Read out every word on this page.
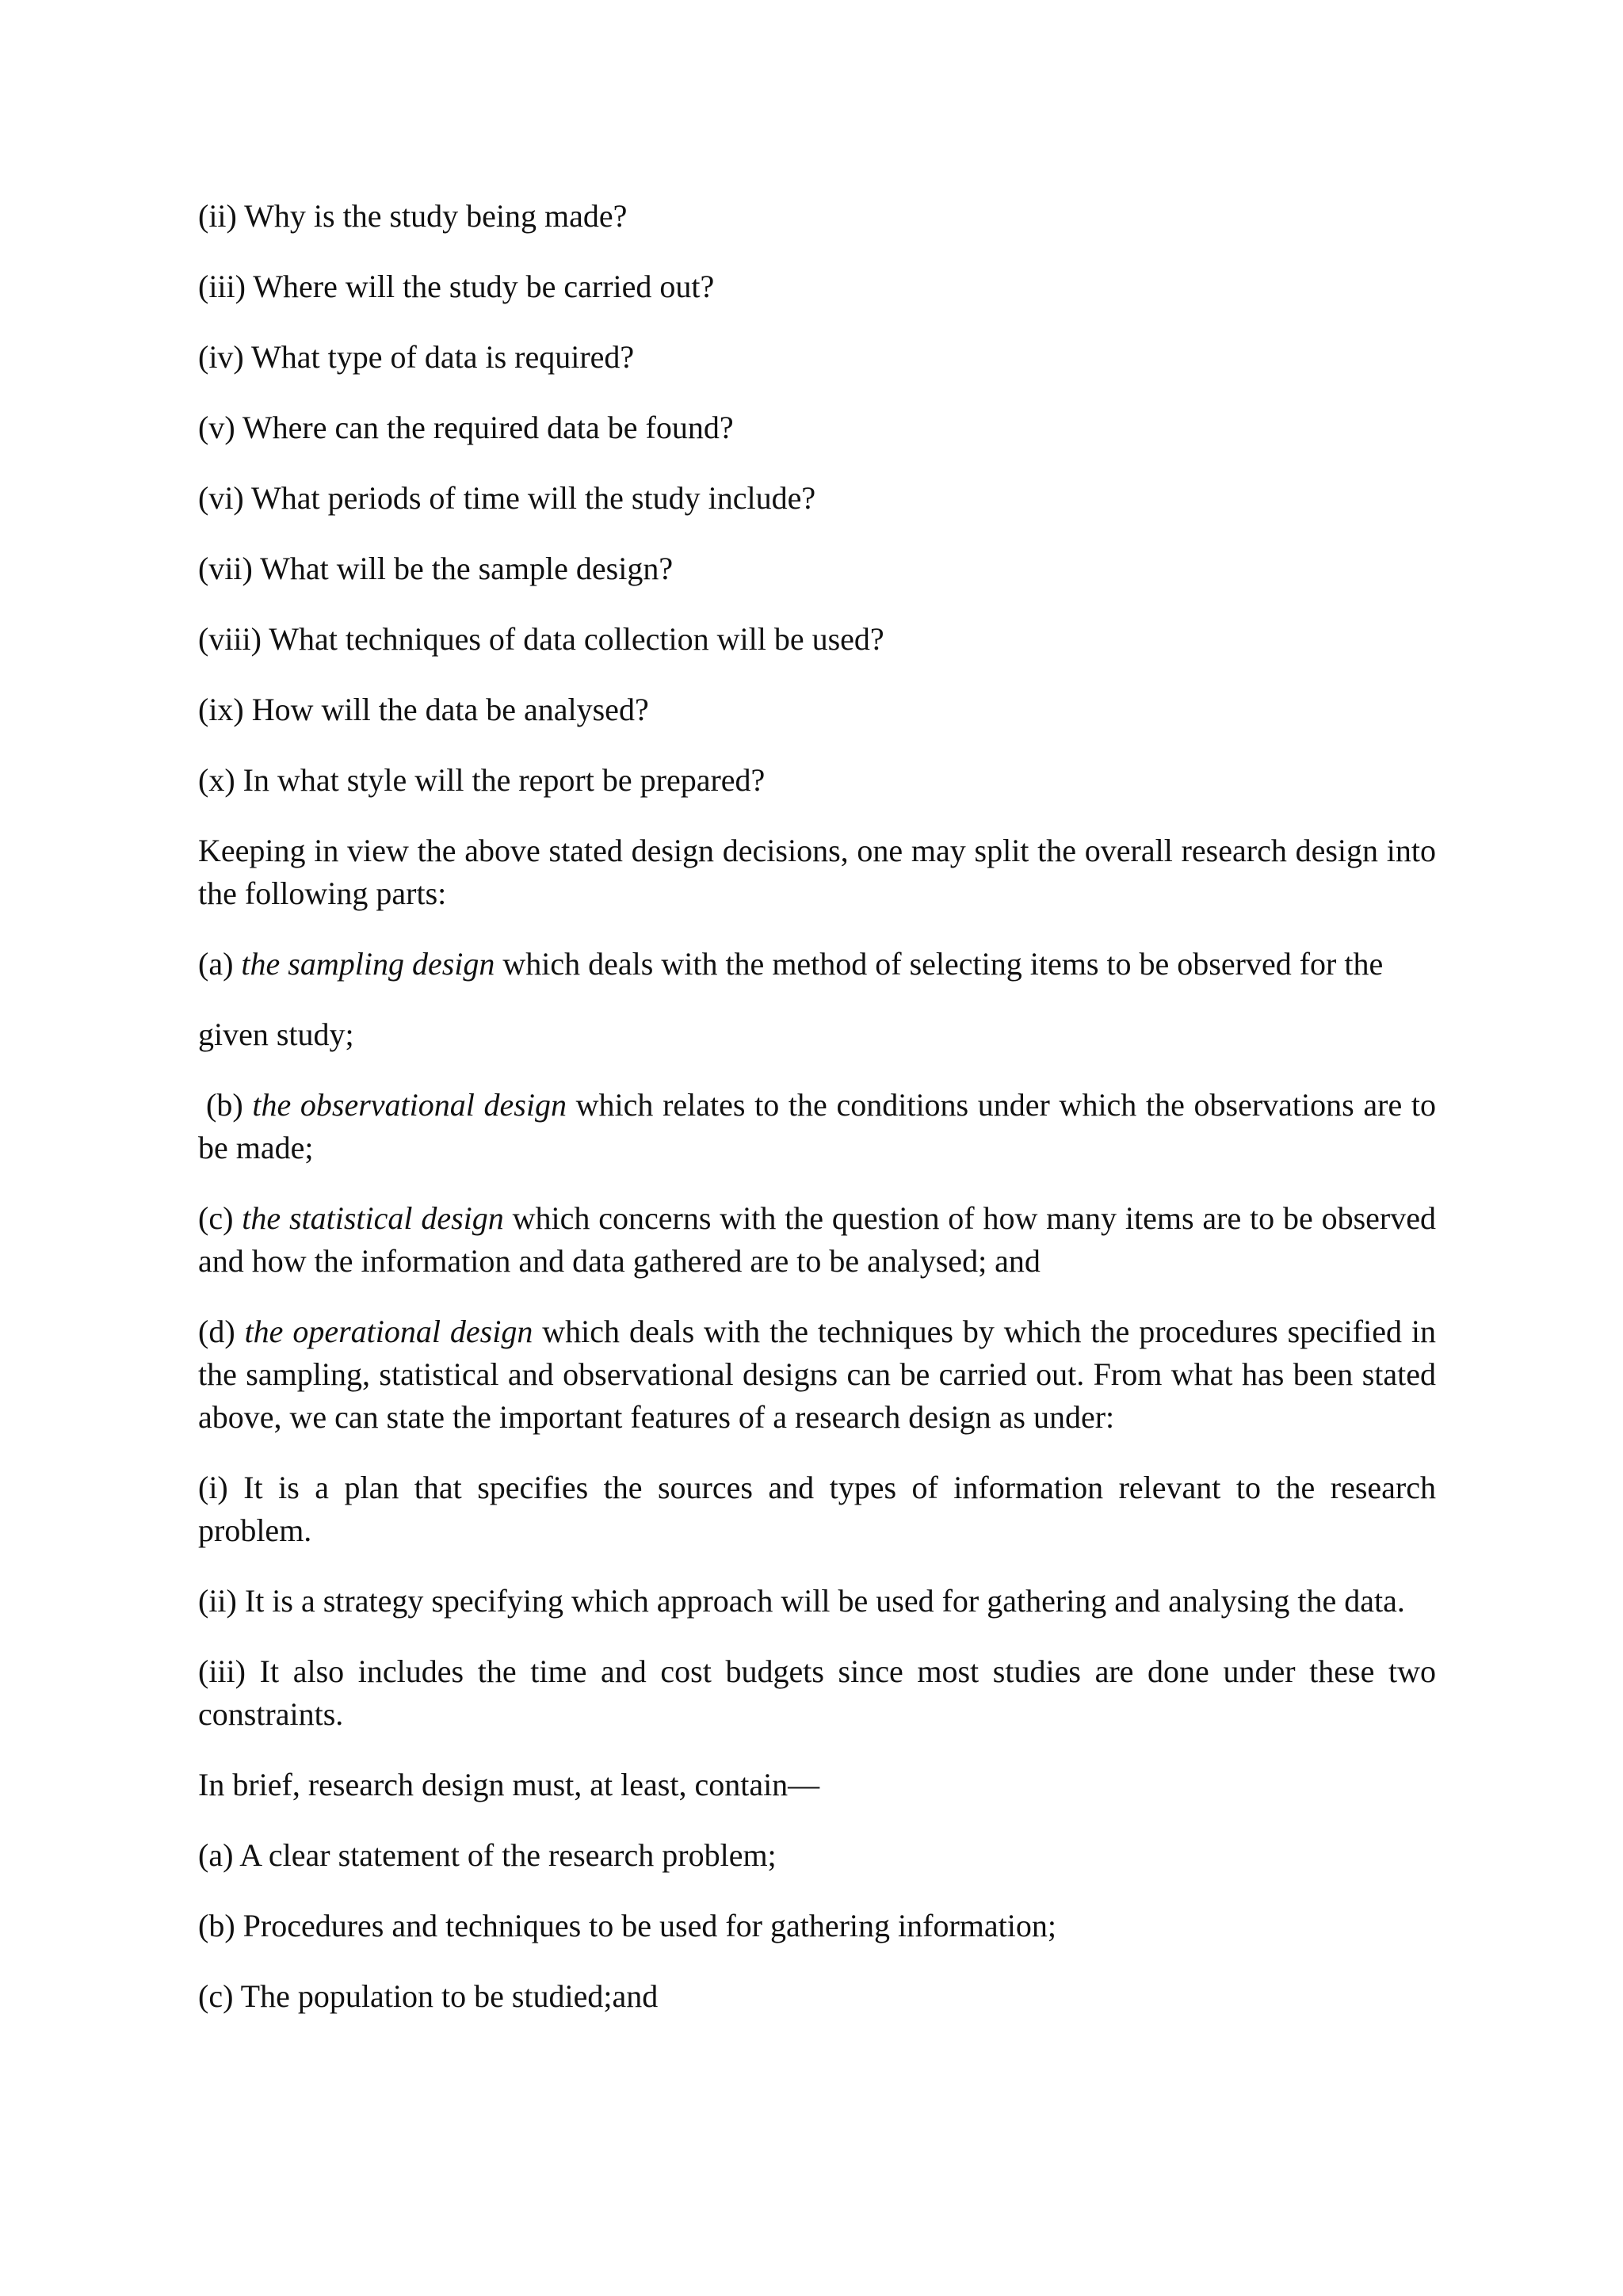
(ii) Why is the study being made?

(iii) Where will the study be carried out?

(iv) What type of data is required?

(v) Where can the required data be found?

(vi) What periods of time will the study include?

(vii) What will be the sample design?

(viii) What techniques of data collection will be used?

(ix) How will the data be analysed?

(x) In what style will the report be prepared?

Keeping in view the above stated design decisions, one may split the overall research design into the following parts:

(a) the sampling design which deals with the method of selecting items to be observed for the

given study;

(b) the observational design which relates to the conditions under which the observations are to be made;

(c) the statistical design which concerns with the question of how many items are to be observed and how the information and data gathered are to be analysed; and

(d) the operational design which deals with the techniques by which the procedures specified in the sampling, statistical and observational designs can be carried out. From what has been stated above, we can state the important features of a research design as under:

(i) It is a plan that specifies the sources and types of information relevant to the research problem.

(ii) It is a strategy specifying which approach will be used for gathering and analysing the data.

(iii) It also includes the time and cost budgets since most studies are done under these two constraints.

In brief, research design must, at least, contain—

(a) A clear statement of the research problem;

(b) Procedures and techniques to be used for gathering information;

(c) The population to be studied;and
